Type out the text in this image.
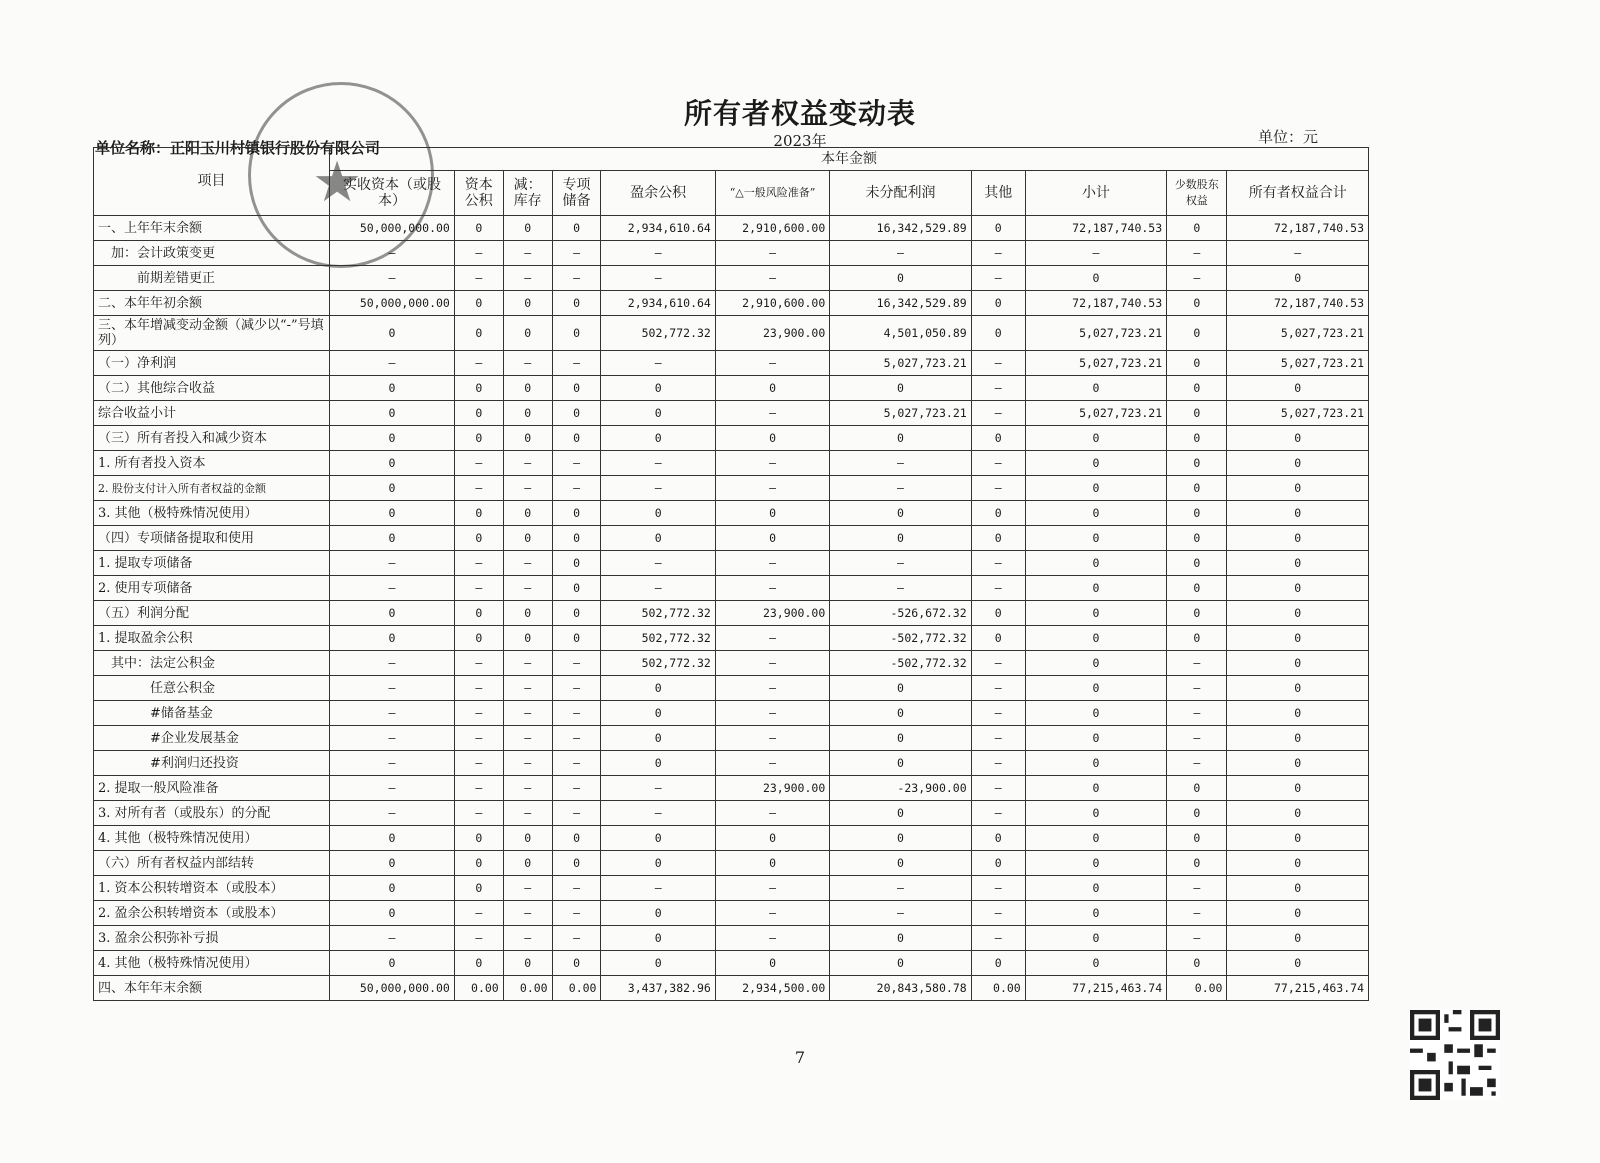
★
所有者权益变动表
2023年
单位名称：正阳玉川村镇银行股份有限公司
单位：元
项目	本年金额										
	实收资本（或股本）	资本公积	减：库存	专项储备	盈余公积	“△一般风险准备”	未分配利润	其他	小计	少数股东权益	所有者权益合计
一、上年年末余额	50,000,000.00	0	0	0	2,934,610.64	2,910,600.00	16,342,529.89	0	72,187,740.53	0	72,187,740.53
　加：会计政策变更	—	—	—	—	—	—	—	—	—	—	—
　　　前期差错更正	—	—	—	—	—	—	0	—	0	—	0
二、本年年初余额	50,000,000.00	0	0	0	2,934,610.64	2,910,600.00	16,342,529.89	0	72,187,740.53	0	72,187,740.53
三、本年增减变动金额（减少以“-”号填列）	0	0	0	0	502,772.32	23,900.00	4,501,050.89	0	5,027,723.21	0	5,027,723.21
（一）净利润	—	—	—	—	—	—	5,027,723.21	—	5,027,723.21	0	5,027,723.21
（二）其他综合收益	0	0	0	0	0	0	0	—	0	0	0
综合收益小计	0	0	0	0	0	—	5,027,723.21	—	5,027,723.21	0	5,027,723.21
（三）所有者投入和减少资本	0	0	0	0	0	0	0	0	0	0	0
1. 所有者投入资本	0	—	—	—	—	—	—	—	0	0	0
2. 股份支付计入所有者权益的金额	0	—	—	—	—	—	—	—	0	0	0
3. 其他（极特殊情况使用）	0	0	0	0	0	0	0	0	0	0	0
（四）专项储备提取和使用	0	0	0	0	0	0	0	0	0	0	0
1. 提取专项储备	—	—	—	0	—	—	—	—	0	0	0
2. 使用专项储备	—	—	—	0	—	—	—	—	0	0	0
（五）利润分配	0	0	0	0	502,772.32	23,900.00	-526,672.32	0	0	0	0
1. 提取盈余公积	0	0	0	0	502,772.32	—	-502,772.32	0	0	0	0
　其中：法定公积金	—	—	—	—	502,772.32	—	-502,772.32	—	0	—	0
　　　　任意公积金	—	—	—	—	0	—	0	—	0	—	0
　　　　#储备基金	—	—	—	—	0	—	0	—	0	—	0
　　　　#企业发展基金	—	—	—	—	0	—	0	—	0	—	0
　　　　#利润归还投资	—	—	—	—	0	—	0	—	0	—	0
2. 提取一般风险准备	—	—	—	—	—	23,900.00	-23,900.00	—	0	0	0
3. 对所有者（或股东）的分配	—	—	—	—	—	—	0	—	0	0	0
4. 其他（极特殊情况使用）	0	0	0	0	0	0	0	0	0	0	0
（六）所有者权益内部结转	0	0	0	0	0	0	0	0	0	0	0
1. 资本公积转增资本（或股本）	0	0	—	—	—	—	—	—	0	—	0
2. 盈余公积转增资本（或股本）	0	—	—	—	0	—	—	—	0	—	0
3. 盈余公积弥补亏损	—	—	—	—	0	—	0	—	0	—	0
4. 其他（极特殊情况使用）	0	0	0	0	0	0	0	0	0	0	0
四、本年年末余额	50,000,000.00	0.00	0.00	0.00	3,437,382.96	2,934,500.00	20,843,580.78	0.00	77,215,463.74	0.00	77,215,463.74
7
